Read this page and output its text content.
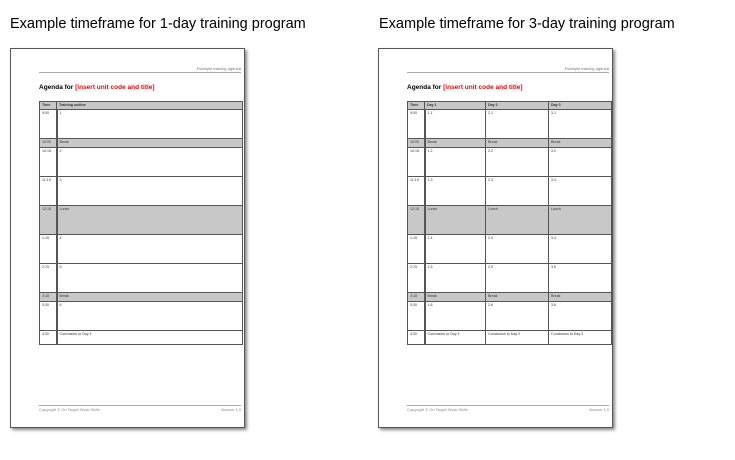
Example timeframe for 1-day training program	Example timeframe for 3-day training program
Example training agenda
Agenda for [insert unit code and title]
Time	Training outline
9:00	1
10:00	Break
10:15	2
11:15	3
12:15	Lunch
1:15	4
2:15	5
3:15	Break
3:30	6
4:30	Conclusion to Day 1
Copyright © On Target Work Skills	Version 1.0
Example training agenda
Agenda for [insert unit code and title]
Time	Day 1	Day 2	Day 3
9:00	1.1	2.1	3.1
10:00	Break	Break	Break
10:15	1.2	2.2	3.2
11:15	1.3	2.3	3.3
12:15	Lunch	Lunch	Lunch
1:15	1.4	2.4	3.4
2:15	1.5	2.5	3.5
3:15	Break	Break	Break
3:30	1.6	2.6	3.6
4:30	Conclusion to Day 1	Conclusion to Day 2	Conclusion to Day 3
Copyright © On Target Work Skills	Version 1.0
